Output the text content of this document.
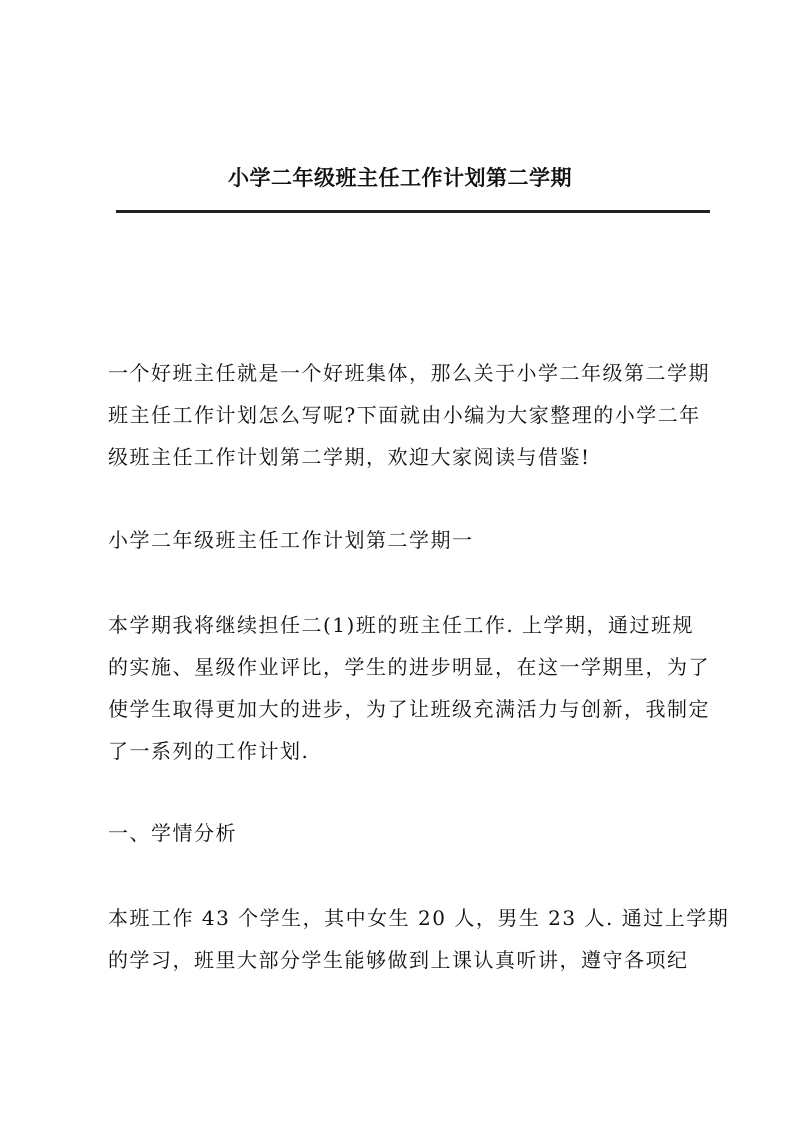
小学二年级班主任工作计划第二学期
一个好班主任就是一个好班集体，那么关于小学二年级第二学期
班主任工作计划怎么写呢?下面就由小编为大家整理的小学二年
级班主任工作计划第二学期，欢迎大家阅读与借鉴!
小学二年级班主任工作计划第二学期一
本学期我将继续担任二(1)班的班主任工作. 上学期，通过班规
的实施、星级作业评比，学生的进步明显，在这一学期里，为了
使学生取得更加大的进步，为了让班级充满活力与创新，我制定
了一系列的工作计划.
一、学情分析
本班工作 43 个学生，其中女生 20 人，男生 23 人. 通过上学期
的学习，班里大部分学生能够做到上课认真听讲，遵守各项纪
